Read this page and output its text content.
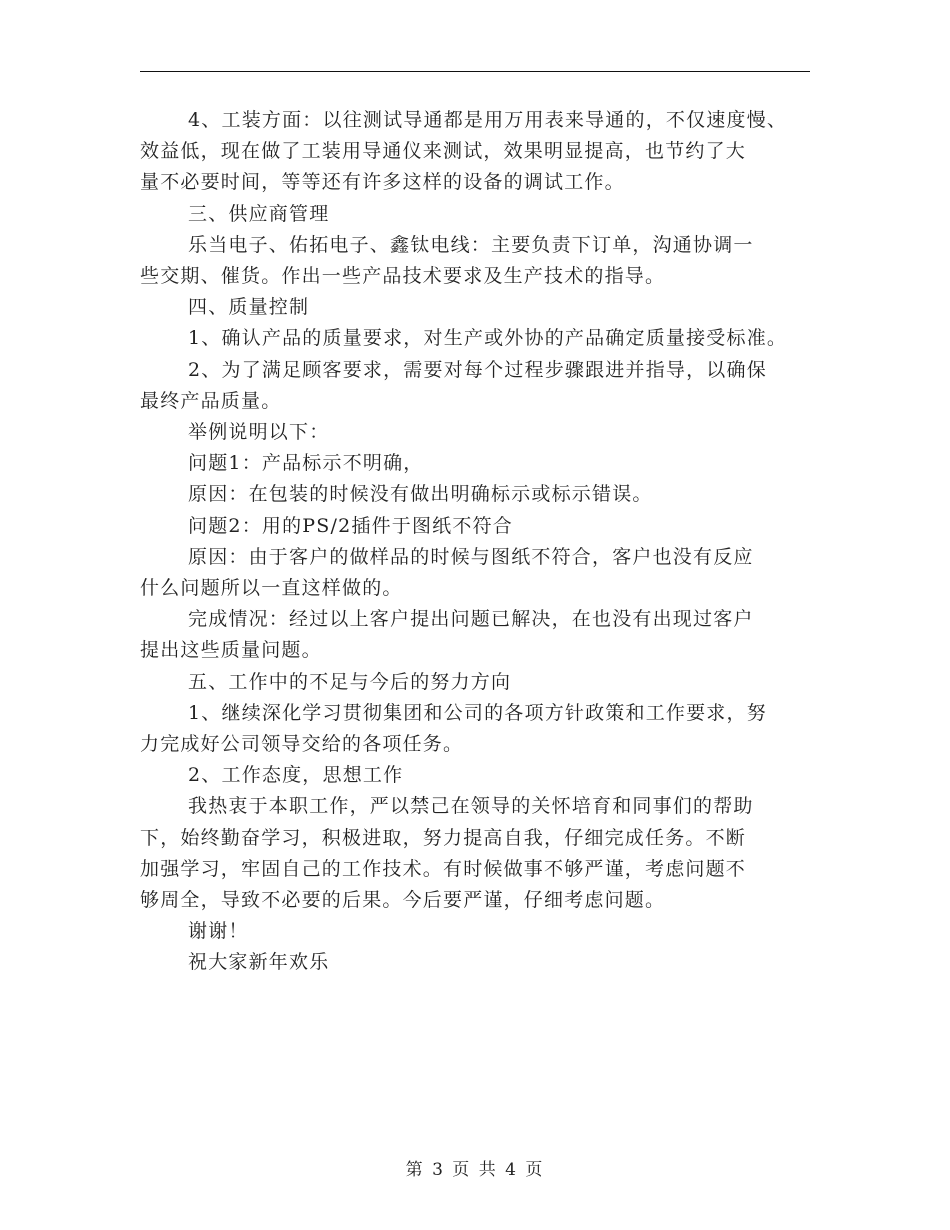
4、工装方面：以往测试导通都是用万用表来导通的，不仅速度慢、
效益低，现在做了工装用导通仪来测试，效果明显提高，也节约了大
量不必要时间，等等还有许多这样的设备的调试工作。
三、供应商管理
乐当电子、佑拓电子、鑫钛电线：主要负责下订单，沟通协调一
些交期、催货。作出一些产品技术要求及生产技术的指导。
四、质量控制
1、确认产品的质量要求，对生产或外协的产品确定质量接受标准。
2、为了满足顾客要求，需要对每个过程步骤跟进并指导，以确保
最终产品质量。
举例说明以下：
问题1：产品标示不明确，
原因：在包装的时候没有做出明确标示或标示错误。
问题2：用的PS/2插件于图纸不符合
原因：由于客户的做样品的时候与图纸不符合，客户也没有反应
什么问题所以一直这样做的。
完成情况：经过以上客户提出问题已解决，在也没有出现过客户
提出这些质量问题。
五、工作中的不足与今后的努力方向
1、继续深化学习贯彻集团和公司的各项方针政策和工作要求，努
力完成好公司领导交给的各项任务。
2、工作态度，思想工作
我热衷于本职工作，严以禁己在领导的关怀培育和同事们的帮助
下，始终勤奋学习，积极进取，努力提高自我，仔细完成任务。不断
加强学习，牢固自己的工作技术。有时候做事不够严谨，考虑问题不
够周全，导致不必要的后果。今后要严谨，仔细考虑问题。
谢谢！
祝大家新年欢乐
第 3 页 共 4 页
